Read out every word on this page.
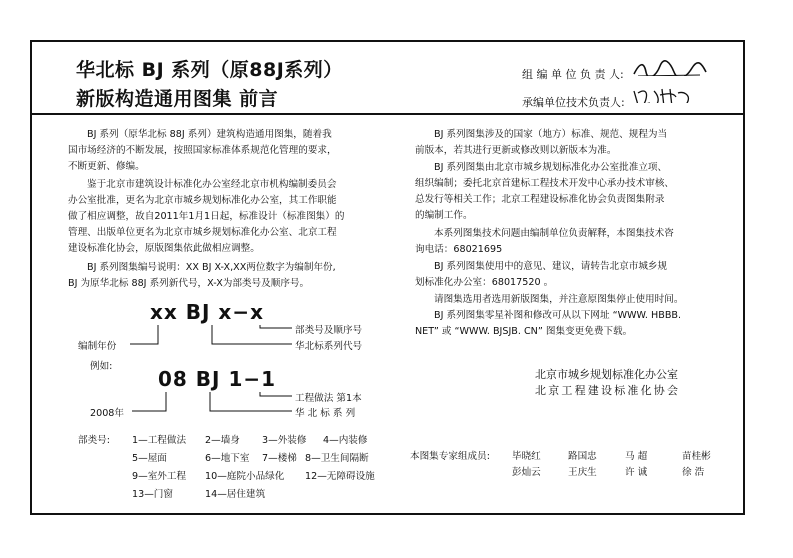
华北标 BJ 系列（原88J系列）
新版构造通用图集 前言
组 编 单 位 负 责 人:
承编单位技术负责人:
BJ 系列（原华北标 88J 系列）建筑构造通用图集，随着我
国市场经济的不断发展，按照国家标准体系规范化管理的要求，
不断更新、修编。
鉴于北京市建筑设计标准化办公室经北京市机构编制委员会
办公室批准，更名为北京市城乡规划标准化办公室，其工作职能
做了相应调整，故自2011年1月1日起，标准设计（标准图集）的
管理、出版单位更名为北京市城乡规划标准化办公室、北京工程
建设标准化协会，原版图集依此做相应调整。
BJ 系列图集编号说明：XX BJ X-X,XX两位数字为编制年份,
BJ 为原华北标 88J 系列新代号，X-X为部类号及顺序号。
xx BJ x−x
部类号及顺序号
华北标系列代号
编制年份
例如:
08 BJ 1−1
工程做法 第1本
华 北 标 系 列
2008年
部类号: 1—工程做法 2—墙身 3—外装修 4—内装修
5—屋面	6—地下室 7—楼梯 8—卫生间隔断
9—室外工程 10—庭院小品绿化 12—无障碍设施
13—门窗	14—居住建筑
BJ 系列图集涉及的国家（地方）标准、规范、规程为当
前版本，若其进行更新或修改则以新版本为准。
BJ 系列图集由北京市城乡规划标准化办公室批准立项、
组织编制；委托北京首建标工程技术开发中心承办技术审核、
总发行等相关工作；北京工程建设标准化协会负责图集附录
的编制工作。
本系列图集技术问题由编制单位负责解释，本图集技术咨
询电话：68021695
BJ 系列图集使用中的意见、建议，请转告北京市城乡规
划标准化办公室：68017520 。
请图集选用者选用新版图集，并注意原图集停止使用时间。
BJ 系列图集零星补图和修改可从以下网址 “WWW. HBBB.
NET” 或 “WWW. BJSJB. CN” 图集变更免费下载。
北京市城乡规划标准化办公室
北京工程建设标准化协会
本图集专家组成员: 毕晓红	路国忠	马 超	苗桂彬
彭灿云	王庆生	许 诚	徐 浩
